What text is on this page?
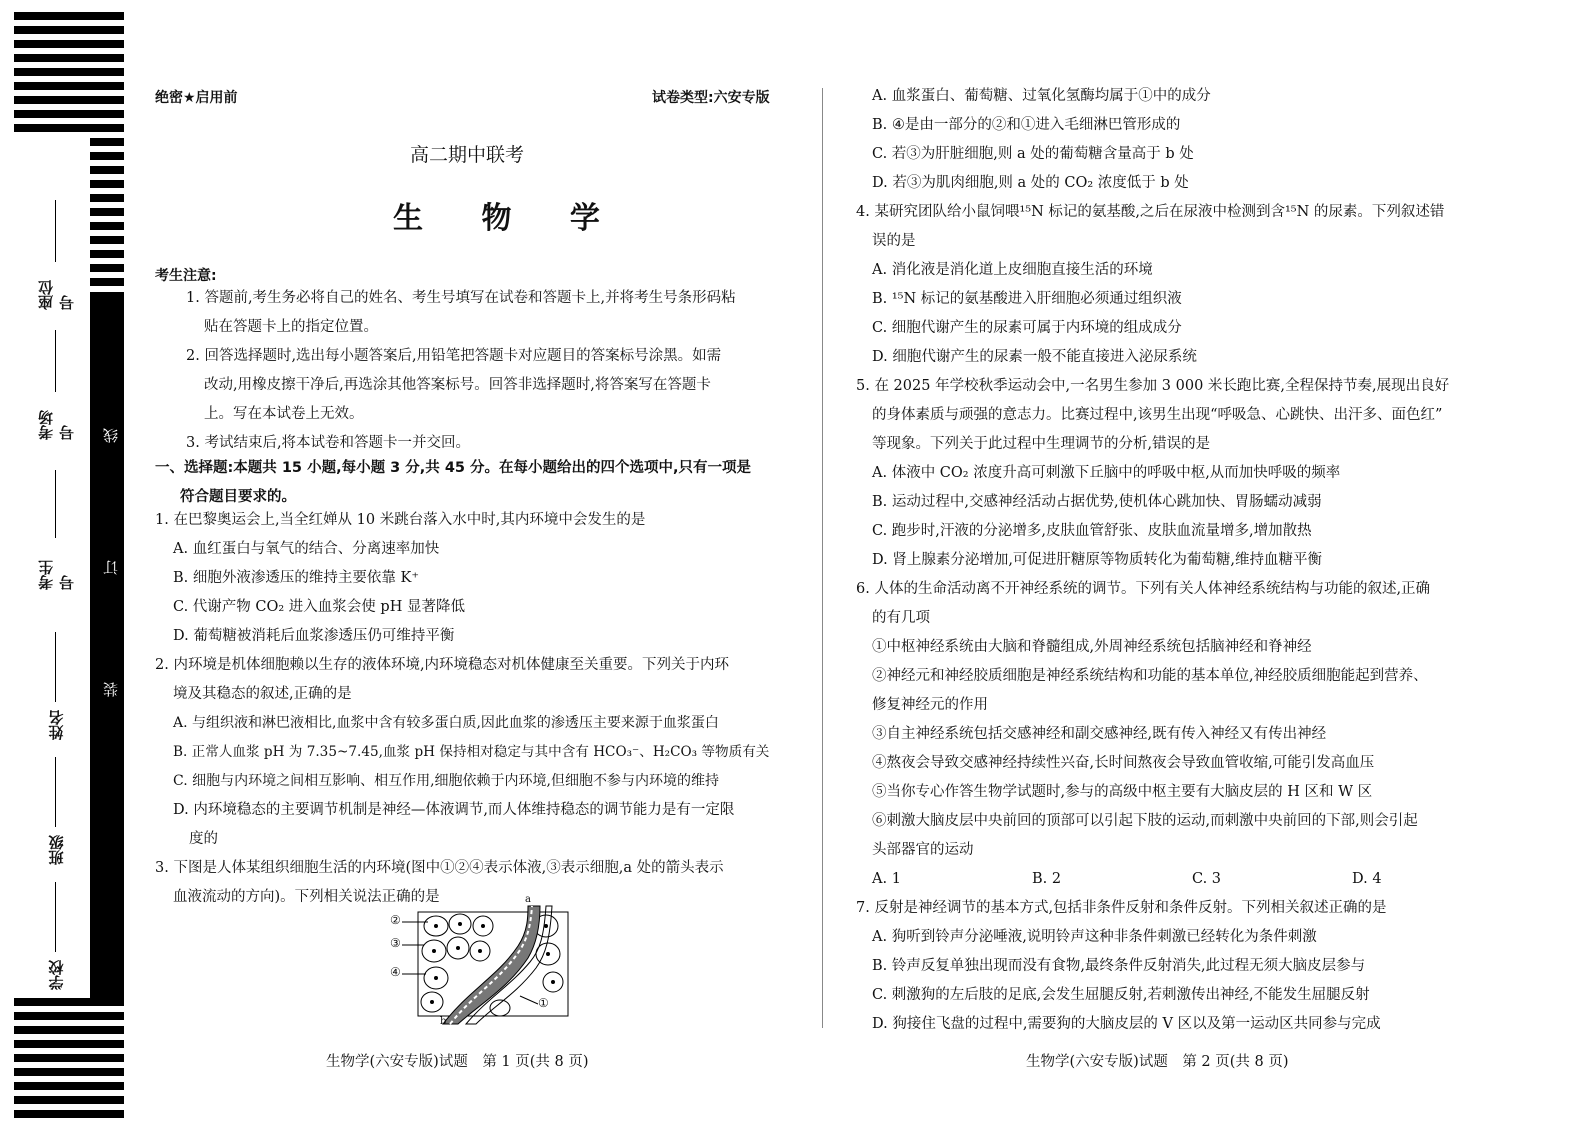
座位号
考场号
考生号
姓名
班级
学校
线
订
装
绝密★启用前	试卷类型:六安专版
高二期中联考
生 物 学
考生注意:
1. 答题前,考生务必将自己的姓名、考生号填写在试卷和答题卡上,并将考生号条形码粘
贴在答题卡上的指定位置。
2. 回答选择题时,选出每小题答案后,用铅笔把答题卡对应题目的答案标号涂黑。如需
改动,用橡皮擦干净后,再选涂其他答案标号。回答非选择题时,将答案写在答题卡
上。写在本试卷上无效。
3. 考试结束后,将本试卷和答题卡一并交回。
一、选择题:本题共 15 小题,每小题 3 分,共 45 分。在每小题给出的四个选项中,只有一项是
符合题目要求的。
1. 在巴黎奥运会上,当全红婵从 10 米跳台落入水中时,其内环境中会发生的是
A. 血红蛋白与氧气的结合、分离速率加快
B. 细胞外液渗透压的维持主要依靠 K⁺
C. 代谢产物 CO₂ 进入血浆会使 pH 显著降低
D. 葡萄糖被消耗后血浆渗透压仍可维持平衡
2. 内环境是机体细胞赖以生存的液体环境,内环境稳态对机体健康至关重要。下列关于内环
境及其稳态的叙述,正确的是
A. 与组织液和淋巴液相比,血浆中含有较多蛋白质,因此血浆的渗透压主要来源于血浆蛋白
B. 正常人血浆 pH 为 7.35~7.45,血浆 pH 保持相对稳定与其中含有 HCO₃⁻、H₂CO₃ 等物质有关
C. 细胞与内环境之间相互影响、相互作用,细胞依赖于内环境,但细胞不参与内环境的维持
D. 内环境稳态的主要调节机制是神经—体液调节,而人体维持稳态的调节能力是有一定限
度的
3. 下图是人体某组织细胞生活的内环境(图中①②④表示体液,③表示细胞,a 处的箭头表示
血液流动的方向)。下列相关说法正确的是
②
③
④
①
a
b
生物学(六安专版)试题　第 1 页(共 8 页)
A. 血浆蛋白、葡萄糖、过氧化氢酶均属于①中的成分
B. ④是由一部分的②和①进入毛细淋巴管形成的
C. 若③为肝脏细胞,则 a 处的葡萄糖含量高于 b 处
D. 若③为肌肉细胞,则 a 处的 CO₂ 浓度低于 b 处
4. 某研究团队给小鼠饲喂¹⁵N 标记的氨基酸,之后在尿液中检测到含¹⁵N 的尿素。下列叙述错
误的是
A. 消化液是消化道上皮细胞直接生活的环境
B. ¹⁵N 标记的氨基酸进入肝细胞必须通过组织液
C. 细胞代谢产生的尿素可属于内环境的组成成分
D. 细胞代谢产生的尿素一般不能直接进入泌尿系统
5. 在 2025 年学校秋季运动会中,一名男生参加 3 000 米长跑比赛,全程保持节奏,展现出良好
的身体素质与顽强的意志力。比赛过程中,该男生出现“呼吸急、心跳快、出汗多、面色红”
等现象。下列关于此过程中生理调节的分析,错误的是
A. 体液中 CO₂ 浓度升高可刺激下丘脑中的呼吸中枢,从而加快呼吸的频率
B. 运动过程中,交感神经活动占据优势,使机体心跳加快、胃肠蠕动减弱
C. 跑步时,汗液的分泌增多,皮肤血管舒张、皮肤血流量增多,增加散热
D. 肾上腺素分泌增加,可促进肝糖原等物质转化为葡萄糖,维持血糖平衡
6. 人体的生命活动离不开神经系统的调节。下列有关人体神经系统结构与功能的叙述,正确
的有几项
①中枢神经系统由大脑和脊髓组成,外周神经系统包括脑神经和脊神经
②神经元和神经胶质细胞是神经系统结构和功能的基本单位,神经胶质细胞能起到营养、
修复神经元的作用
③自主神经系统包括交感神经和副交感神经,既有传入神经又有传出神经
④熬夜会导致交感神经持续性兴奋,长时间熬夜会导致血管收缩,可能引发高血压
⑤当你专心作答生物学试题时,参与的高级中枢主要有大脑皮层的 H 区和 W 区
⑥刺激大脑皮层中央前回的顶部可以引起下肢的运动,而刺激中央前回的下部,则会引起
头部器官的运动
A. 1	B. 2	C. 3	D. 4
7. 反射是神经调节的基本方式,包括非条件反射和条件反射。下列相关叙述正确的是
A. 狗听到铃声分泌唾液,说明铃声这种非条件刺激已经转化为条件刺激
B. 铃声反复单独出现而没有食物,最终条件反射消失,此过程无须大脑皮层参与
C. 刺激狗的左后肢的足底,会发生屈腿反射,若刺激传出神经,不能发生屈腿反射
D. 狗接住飞盘的过程中,需要狗的大脑皮层的 V 区以及第一运动区共同参与完成
生物学(六安专版)试题　第 2 页(共 8 页)
